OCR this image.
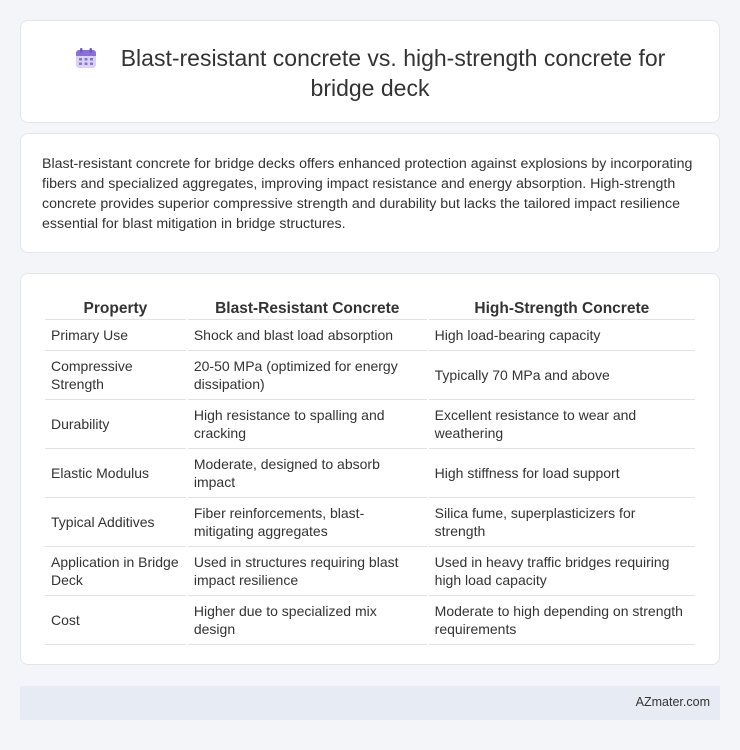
Blast-resistant concrete vs. high-strength concrete for bridge deck

Blast-resistant concrete for bridge decks offers enhanced protection against explosions by incorporating fibers and specialized aggregates, improving impact resistance and energy absorption. High-strength concrete provides superior compressive strength and durability but lacks the tailored impact resilience essential for blast mitigation in bridge structures.

Property	Blast-Resistant Concrete	High-Strength Concrete
Primary Use	Shock and blast load absorption	High load-bearing capacity
Compressive Strength	20-50 MPa (optimized for energy dissipation)	Typically 70 MPa and above
Durability	High resistance to spalling and cracking	Excellent resistance to wear and weathering
Elastic Modulus	Moderate, designed to absorb impact	High stiffness for load support
Typical Additives	Fiber reinforcements, blast-mitigating aggregates	Silica fume, superplasticizers for strength
Application in Bridge Deck	Used in structures requiring blast impact resilience	Used in heavy traffic bridges requiring high load capacity
Cost	Higher due to specialized mix design	Moderate to high depending on strength requirements
AZmater.com
